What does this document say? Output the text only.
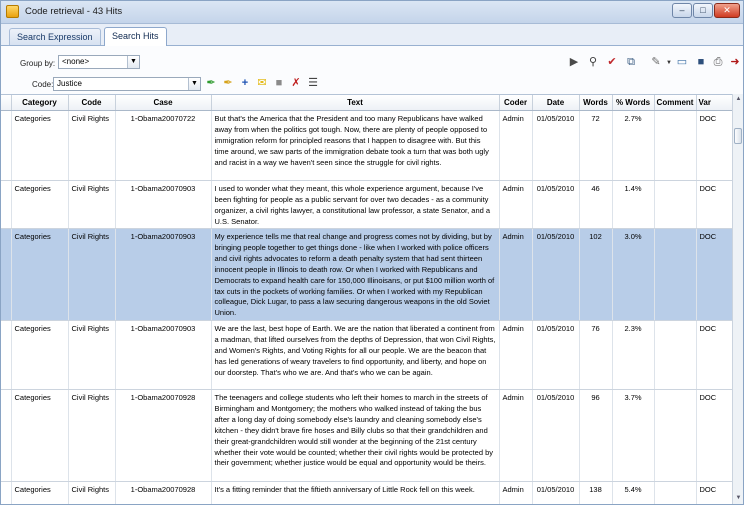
Code retrieval - 43 Hits	–	□	✕
Search Expression	Search Hits
Group by: <none>	▼
Code: Justice	▼ ✒ ✒ + ✉ ■ ✗ ☰
▶ ⚲ ✔ ⧉ ✎ ▼ ▭ ■ ⎙ ➜
	Category	Code	Case	Text	Coder	Date	Words	% Words	Comment	Var
	Categories	Civil Rights	1-Obama20070722	But that's the America that the President and too many Republicans have walked away from when the politics got tough. Now, there are plenty of people opposed to immigration reform for principled reasons that I happen to disagree with. But this time around, we saw parts of the immigration debate took a turn that was both ugly and racist in a way we haven't seen since the struggle for civil rights.	Admin	01/05/2010	72	2.7%		DOC
	Categories	Civil Rights	1-Obama20070903	I used to wonder what they meant, this whole experience argument, because I've been fighting for people as a public servant for over two decades - as a community organizer, a civil rights lawyer, a constitutional law professor, a state Senator, and a U.S. Senator.	Admin	01/05/2010	46	1.4%		DOC
	Categories	Civil Rights	1-Obama20070903	My experience tells me that real change and progress comes not by dividing, but by bringing people together to get things done - like when I worked with police officers and civil rights advocates to reform a death penalty system that had sent thirteen innocent people in Illinois to death row. Or when I worked with Republicans and Democrats to expand health care for 150,000 Illinoisans, or put $100 million worth of tax cuts in the pockets of working families. Or when I worked with my Republican colleague, Dick Lugar, to pass a law securing dangerous weapons in the old Soviet Union.	Admin	01/05/2010	102	3.0%		DOC
	Categories	Civil Rights	1-Obama20070903	We are the last, best hope of Earth. We are the nation that liberated a continent from a madman, that lifted ourselves from the depths of Depression, that won Civil Rights, and Women's Rights, and Voting Rights for all our people. We are the beacon that has led generations of weary travelers to find opportunity, and liberty, and hope on our doorstep. That's who we are. And that's who we can be again.	Admin	01/05/2010	76	2.3%		DOC
	Categories	Civil Rights	1-Obama20070928	The teenagers and college students who left their homes to march in the streets of Birmingham and Montgomery; the mothers who walked instead of taking the bus after a long day of doing somebody else's laundry and cleaning somebody else's kitchen - they didn't brave fire hoses and Billy clubs so that their grandchildren and their great-grandchildren would still wonder at the beginning of the 21st century whether their vote would be counted; whether their civil rights would be protected by their government; whether justice would be equal and opportunity would be theirs.	Admin	01/05/2010	96	3.7%		DOC
	Categories	Civil Rights	1-Obama20070928	It's a fitting reminder that the fiftieth anniversary of Little Rock fell on this week.	Admin	01/05/2010	138	5.4%		DOC
▲
▼
